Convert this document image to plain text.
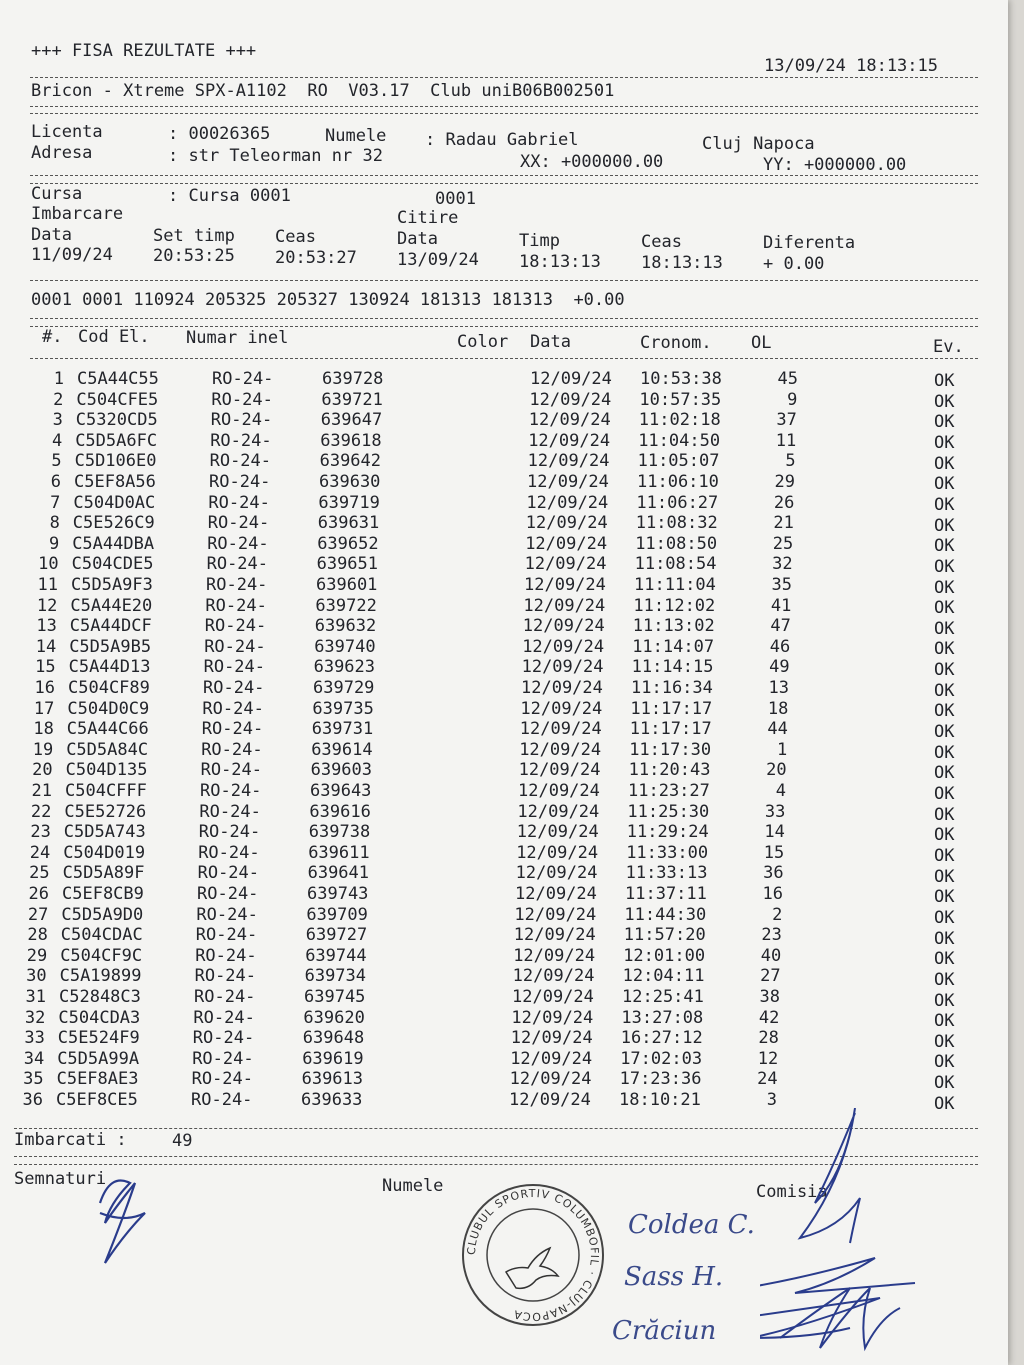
+++ FISA REZULTATE +++
13/09/24 18:13:15
Bricon - Xtreme SPX-A1102  RO  V03.17  Club uniB06B002501
Licenta	: 00026365	Numele : Radau Gabriel	Cluj Napoca
Adresa	: str Teleorman nr 32	XX: +000000.00	YY: +000000.00
Cursa	: Cursa 0001	0001
Imbarcare	Citire
Data	Set timp Ceas	Data	Timp	Ceas	Diferenta
11/09/24 20:53:25 20:53:27 13/09/24 18:13:13 18:13:13 + 0.00
0001 0001 110924 205325 205327 130924 181313 181313  +0.00
#. Cod El. Numar inel	Color Data	Cronom. OL	Ev.
1 C5A44C55	RO-24-	639728	12/09/24 10:53:38	45	OK
2 C504CFE5	RO-24-	639721	12/09/24 10:57:35	9	OK
3 C5320CD5	RO-24-	639647	12/09/24 11:02:18	37	OK
4 C5D5A6FC	RO-24-	639618	12/09/24 11:04:50	11	OK
5 C5D106E0	RO-24-	639642	12/09/24 11:05:07	5	OK
6 C5EF8A56	RO-24-	639630	12/09/24 11:06:10	29	OK
7 C504D0AC	RO-24-	639719	12/09/24 11:06:27	26	OK
8 C5E526C9	RO-24-	639631	12/09/24 11:08:32	21	OK
9 C5A44DBA	RO-24-	639652	12/09/24 11:08:50	25	OK
10 C504CDE5	RO-24-	639651	12/09/24 11:08:54	32	OK
11 C5D5A9F3	RO-24-	639601	12/09/24 11:11:04	35	OK
12 C5A44E20	RO-24-	639722	12/09/24 11:12:02	41	OK
13 C5A44DCF	RO-24-	639632	12/09/24 11:13:02	47	OK
14 C5D5A9B5	RO-24-	639740	12/09/24 11:14:07	46	OK
15 C5A44D13	RO-24-	639623	12/09/24 11:14:15	49	OK
16 C504CF89	RO-24-	639729	12/09/24 11:16:34	13	OK
17 C504D0C9	RO-24-	639735	12/09/24 11:17:17	18	OK
18 C5A44C66	RO-24-	639731	12/09/24 11:17:17	44	OK
19 C5D5A84C	RO-24-	639614	12/09/24 11:17:30	1	OK
20 C504D135	RO-24-	639603	12/09/24 11:20:43	20	OK
21 C504CFFF	RO-24-	639643	12/09/24 11:23:27	4	OK
22 C5E52726	RO-24-	639616	12/09/24 11:25:30	33	OK
23 C5D5A743	RO-24-	639738	12/09/24 11:29:24	14	OK
24 C504D019	RO-24-	639611	12/09/24 11:33:00	15	OK
25 C5D5A89F	RO-24-	639641	12/09/24 11:33:13	36	OK
26 C5EF8CB9	RO-24-	639743	12/09/24 11:37:11	16	OK
27 C5D5A9D0	RO-24-	639709	12/09/24 11:44:30	2	OK
28 C504CDAC	RO-24-	639727	12/09/24 11:57:20	23	OK
29 C504CF9C	RO-24-	639744	12/09/24 12:01:00	40	OK
30 C5A19899	RO-24-	639734	12/09/24 12:04:11	27	OK
31 C52848C3	RO-24-	639745	12/09/24 12:25:41	38	OK
32 C504CDA3	RO-24-	639620	12/09/24 13:27:08	42	OK
33 C5E524F9	RO-24-	639648	12/09/24 16:27:12	28	OK
34 C5D5A99A	RO-24-	639619	12/09/24 17:02:03	12	OK
35 C5EF8AE3	RO-24-	639613	12/09/24 17:23:36	24	OK
36 C5EF8CE5	RO-24-	639633	12/09/24 18:10:21	3	OK
Imbarcati :	49
Semnaturi	Numele	Comisia
CLUBUL SPORTIV COLUMBOFIL · CLUJ-NAPOCA
Coldea C.
Sass H.
Crăciun
